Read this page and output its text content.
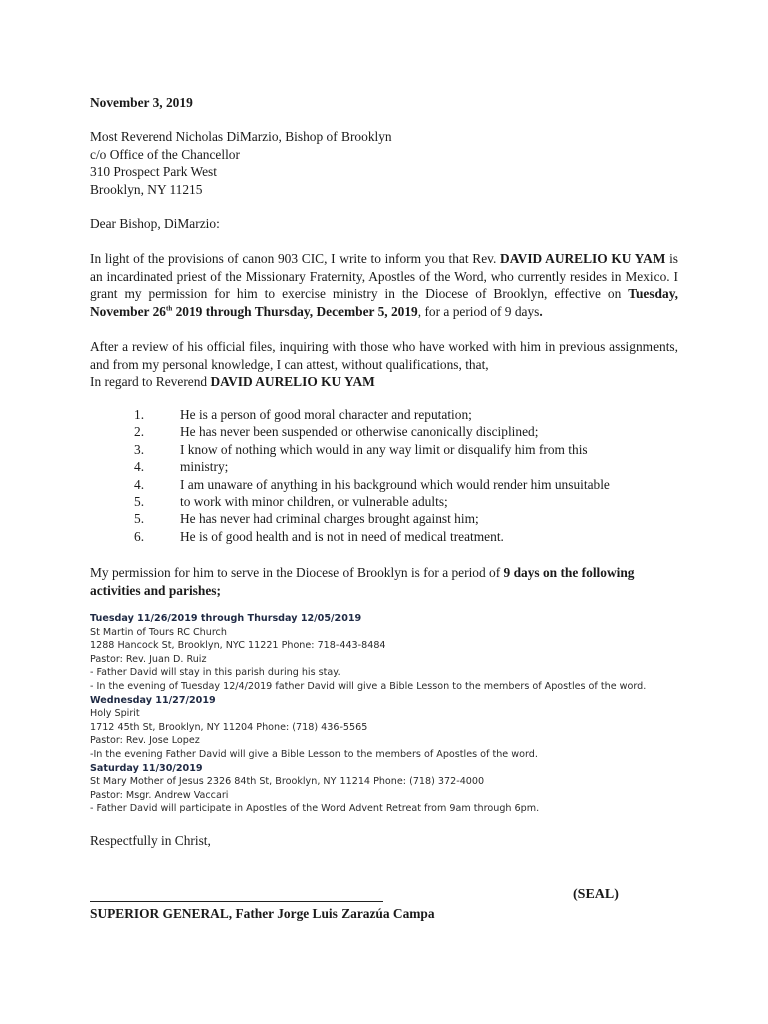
November 3, 2019
Most Reverend Nicholas DiMarzio, Bishop of Brooklyn
c/o Office of the Chancellor
310 Prospect Park West
Brooklyn, NY 11215
Dear Bishop, DiMarzio:
In light of the provisions of canon 903 CIC, I write to inform you that Rev. DAVID AURELIO KU YAM is an incardinated priest of the Missionary Fraternity, Apostles of the Word, who currently resides in Mexico. I grant my permission for him to exercise ministry in the Diocese of Brooklyn, effective on Tuesday, November 26th 2019 through Thursday, December 5, 2019, for a period of 9 days.
After a review of his official files, inquiring with those who have worked with him in previous assignments, and from my personal knowledge, I can attest, without qualifications, that,
In regard to Reverend DAVID AURELIO KU YAM
1.	He is a person of good moral character and reputation;
2.	He has never been suspended or otherwise canonically disciplined;
3.	I know of nothing which would in any way limit or disqualify him from this
4.	ministry;
4.	I am unaware of anything in his background which would render him unsuitable
5.	to work with minor children, or vulnerable adults;
5.	He has never had criminal charges brought against him;
6.	He is of good health and is not in need of medical treatment.
My permission for him to serve in the Diocese of Brooklyn is for a period of 9 days on the following activities and parishes;
Tuesday 11/26/2019 through Thursday 12/05/2019
St Martin of Tours RC Church
1288 Hancock St, Brooklyn, NYC 11221 Phone: 718-443-8484
Pastor: Rev. Juan D. Ruiz
- Father David will stay in this parish during his stay.
- In the evening of Tuesday 12/4/2019 father David will give a Bible Lesson to the members of Apostles of the word.
Wednesday 11/27/2019
Holy Spirit
1712 45th St, Brooklyn, NY 11204 Phone: (718) 436-5565
Pastor: Rev. Jose Lopez
-In the evening Father David will give a Bible Lesson to the members of Apostles of the word.
Saturday 11/30/2019
St Mary Mother of Jesus 2326 84th St, Brooklyn, NY 11214 Phone: (718) 372-4000
Pastor: Msgr. Andrew Vaccari
- Father David will participate in Apostles of the Word Advent Retreat from 9am through 6pm.
Respectfully in Christ,
(SEAL)
SUPERIOR GENERAL, Father Jorge Luis Zarazúa Campa
